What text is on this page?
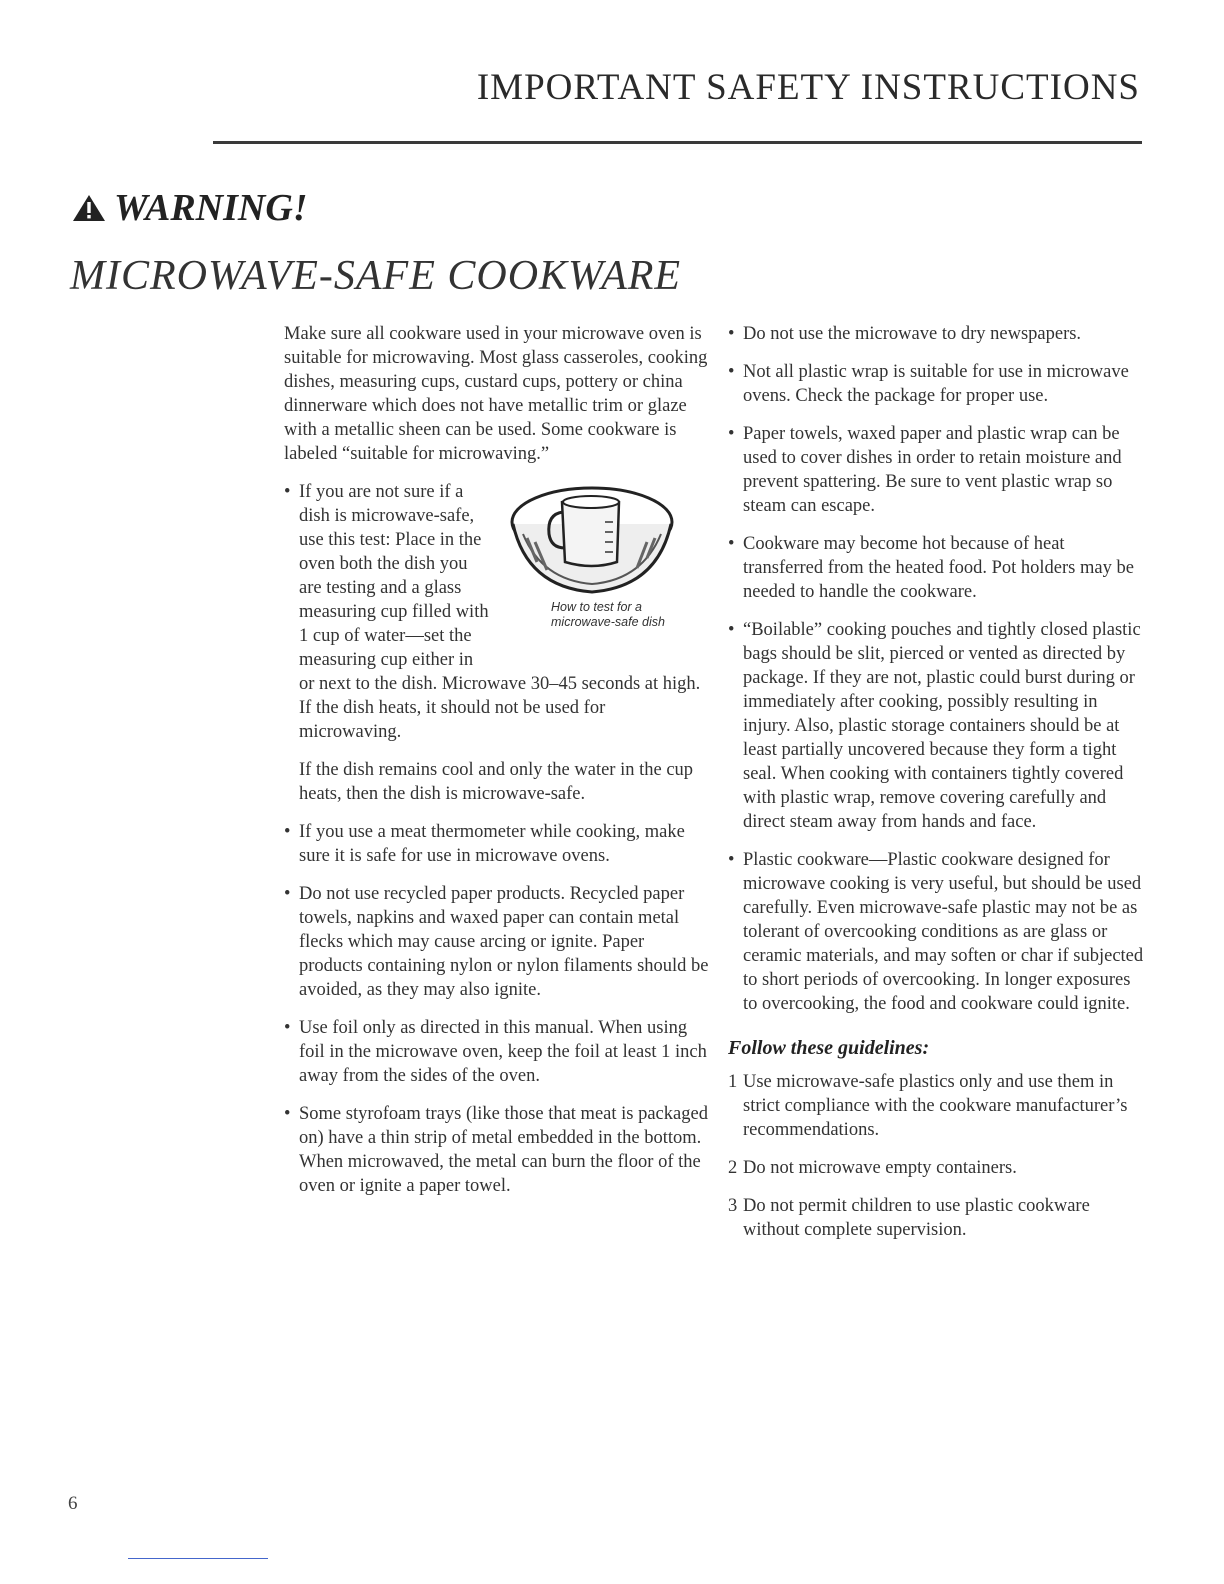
IMPORTANT SAFETY INSTRUCTIONS
WARNING!
MICROWAVE-SAFE COOKWARE

Make sure all cookware used in your microwave oven is suitable for microwaving. Most glass casseroles, cooking dishes, measuring cups, custard cups, pottery or china dinnerware which does not have metallic trim or glaze with a metallic sheen can be used. Some cookware is labeled “suitable for microwaving.”

• How to test for a
microwave-safe dish
If you are not sure if a dish is microwave-safe, use this test: Place in the oven both the dish you are testing and a glass measuring cup filled with 1 cup of water—set the measuring cup either in or next to the dish. Microwave 30–45 seconds at high. If the dish heats, it should not be used for microwaving.

If the dish remains cool and only the water in the cup heats, then the dish is microwave-safe.

• If you use a meat thermometer while cooking, make sure it is safe for use in microwave ovens.
• Do not use recycled paper products. Recycled paper towels, napkins and waxed paper can contain metal flecks which may cause arcing or ignite. Paper products containing nylon or nylon filaments should be avoided, as they may also ignite.
• Use foil only as directed in this manual. When using foil in the microwave oven, keep the foil at least 1 inch away from the sides of the oven.
• Some styrofoam trays (like those that meat is packaged on) have a thin strip of metal embedded in the bottom. When microwaved, the metal can burn the floor of the oven or ignite a paper towel.
• Do not use the microwave to dry newspapers.
• Not all plastic wrap is suitable for use in microwave ovens. Check the package for proper use.
• Paper towels, waxed paper and plastic wrap can be used to cover dishes in order to retain moisture and prevent spattering. Be sure to vent plastic wrap so steam can escape.
• Cookware may become hot because of heat transferred from the heated food. Pot holders may be needed to handle the cookware.
• “Boilable” cooking pouches and tightly closed plastic bags should be slit, pierced or vented as directed by package. If they are not, plastic could burst during or immediately after cooking, possibly resulting in injury. Also, plastic storage containers should be at least partially uncovered because they form a tight seal. When cooking with containers tightly covered with plastic wrap, remove covering carefully and direct steam away from hands and face.
• Plastic cookware—Plastic cookware designed for microwave cooking is very useful, but should be used carefully. Even microwave-safe plastic may not be as tolerant of overcooking conditions as are glass or ceramic materials, and may soften or char if subjected to short periods of overcooking. In longer exposures to overcooking, the food and cookware could ignite.
Follow these guidelines:
1 Use microwave-safe plastics only and use them in strict compliance with the cookware manufacturer’s recommendations.
2 Do not microwave empty containers.
3 Do not permit children to use plastic cookware without complete supervision.
6
